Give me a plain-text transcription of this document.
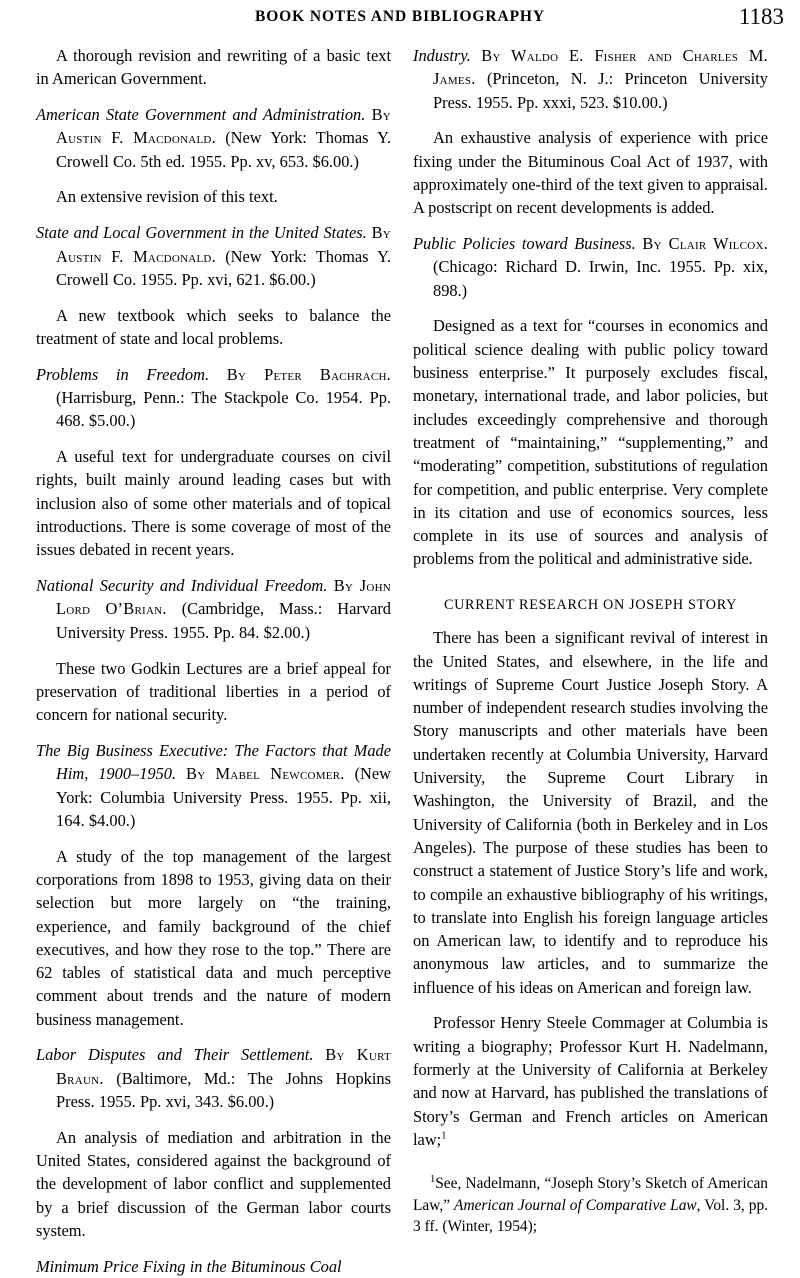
BOOK NOTES AND BIBLIOGRAPHY	1183

A thorough revision and rewriting of a basic text in American Government.

American State Government and Administration. By Austin F. Macdonald. (New York: Thomas Y. Crowell Co. 5th ed. 1955. Pp. xv, 653. $6.00.)

An extensive revision of this text.

State and Local Government in the United States. By Austin F. Macdonald. (New York: Thomas Y. Crowell Co. 1955. Pp. xvi, 621. $6.00.)

A new textbook which seeks to balance the treatment of state and local problems.

Problems in Freedom. By Peter Bachrach. (Harrisburg, Penn.: The Stackpole Co. 1954. Pp. 468. $5.00.)

A useful text for undergraduate courses on civil rights, built mainly around leading cases but with inclusion also of some other materials and of topical introductions. There is some coverage of most of the issues debated in recent years.

National Security and Individual Freedom. By John Lord O’Brian. (Cambridge, Mass.: Harvard University Press. 1955. Pp. 84. $2.00.)

These two Godkin Lectures are a brief appeal for preservation of traditional liberties in a period of concern for national security.

The Big Business Executive: The Factors that Made Him, 1900–1950. By Mabel Newcomer. (New York: Columbia University Press. 1955. Pp. xii, 164. $4.00.)

A study of the top management of the largest corporations from 1898 to 1953, giving data on their selection but more largely on “the training, experience, and family background of the chief executives, and how they rose to the top.” There are 62 tables of statistical data and much perceptive comment about trends and the nature of modern business management.

Labor Disputes and Their Settlement. By Kurt Braun. (Baltimore, Md.: The Johns Hopkins Press. 1955. Pp. xvi, 343. $6.00.)

An analysis of mediation and arbitration in the United States, considered against the background of the development of labor conflict and supplemented by a brief discussion of the German labor courts system.

Minimum Price Fixing in the Bituminous Coal

Industry. By Waldo E. Fisher and Charles M. James. (Princeton, N. J.: Princeton University Press. 1955. Pp. xxxi, 523. $10.00.)

An exhaustive analysis of experience with price fixing under the Bituminous Coal Act of 1937, with approximately one-third of the text given to appraisal. A postscript on recent developments is added.

Public Policies toward Business. By Clair Wilcox. (Chicago: Richard D. Irwin, Inc. 1955. Pp. xix, 898.)

Designed as a text for “courses in economics and political science dealing with public policy toward business enterprise.” It purposely excludes fiscal, monetary, international trade, and labor policies, but includes exceedingly comprehensive and thorough treatment of “maintaining,” “supplementing,” and “moderating” competition, substitutions of regulation for competition, and public enterprise. Very complete in its citation and use of economics sources, less complete in its use of sources and analysis of problems from the political and administrative side.

CURRENT RESEARCH ON JOSEPH STORY

There has been a significant revival of interest in the United States, and elsewhere, in the life and writings of Supreme Court Justice Joseph Story. A number of independent research studies involving the Story manuscripts and other materials have been undertaken recently at Columbia University, Harvard University, the Supreme Court Library in Washington, the University of Brazil, and the University of California (both in Berkeley and in Los Angeles). The purpose of these studies has been to construct a statement of Justice Story’s life and work, to compile an exhaustive bibliography of his writings, to translate into English his foreign language articles on American law, to identify and to reproduce his anonymous law articles, and to summarize the influence of his ideas on American and foreign law.

Professor Henry Steele Commager at Columbia is writing a biography; Professor Kurt H. Nadelmann, formerly at the University of California at Berkeley and now at Harvard, has published the translations of Story’s German and French articles on American law;$^1$

$^1$See, Nadelmann, “Joseph Story’s Sketch of American Law,” American Journal of Comparative Law, Vol. 3, pp. 3 ff. (Winter, 1954);
